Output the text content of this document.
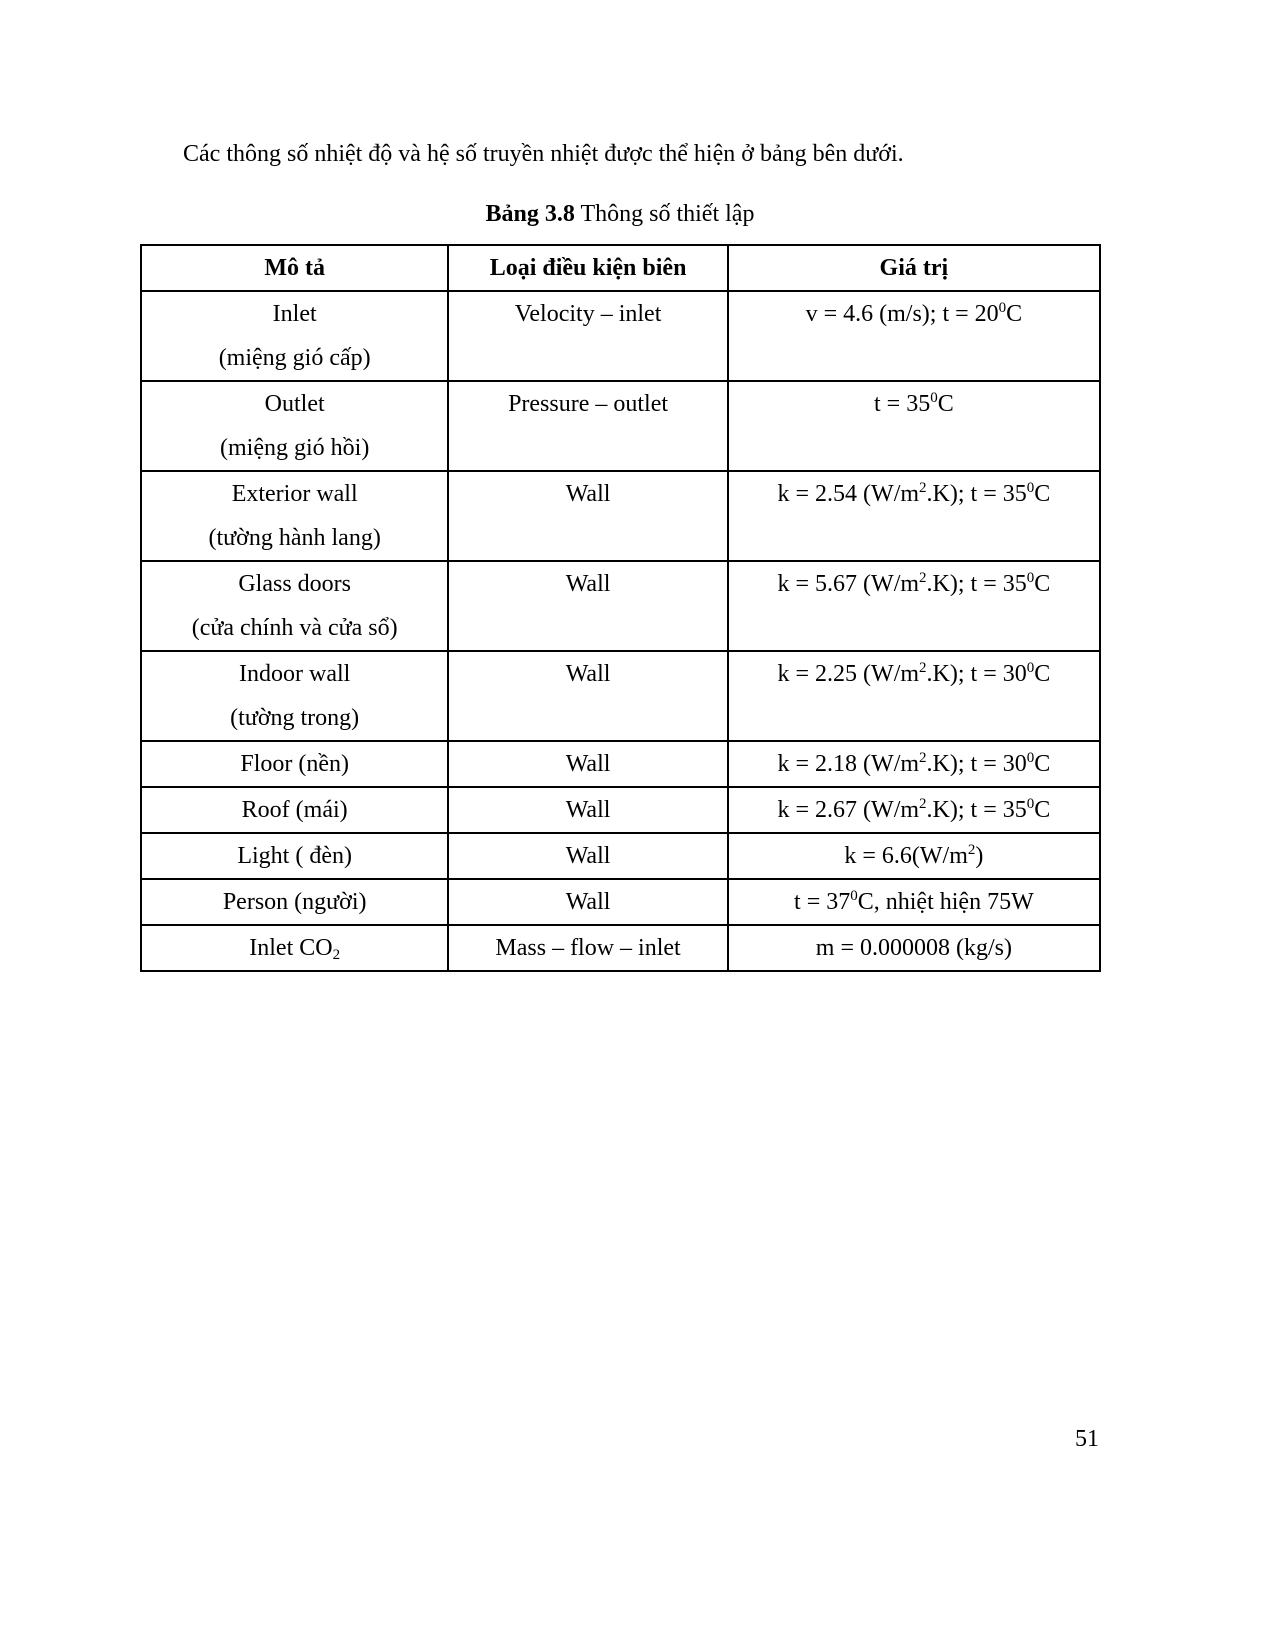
Các thông số nhiệt độ và hệ số truyền nhiệt được thể hiện ở bảng bên dưới.
Bảng 3.8 Thông số thiết lập
Mô tả	Loại điều kiện biên	Giá trị

Inlet
(miệng gió cấp)	Velocity – inlet	v = 4.6 (m/s); $t = 20^0C$

Outlet
(miệng gió hồi)	Pressure – outlet	$t = 35^0C$

Exterior wall
(tường hành lang)	Wall	k = 2.54 $(W/m^2.K)$; $t = 35^0C$

Glass doors
(cửa chính và cửa sổ)	Wall	k = 5.67 $(W/m^2.K)$; $t = 35^0C$

Indoor wall
(tường trong)	Wall	k = 2.25 $(W/m^2.K)$; $t = 30^0C$

Floor (nền)	Wall	k = 2.18 $(W/m^2.K)$; $t = 30^0C$

Roof (mái)	Wall	k = 2.67 $(W/m^2.K)$; $t = 35^0C$

Light ( đèn)	Wall	$k = 6.6(W/m^2)$

Person (người)	Wall	$t = 37^0C$, nhiệt hiện 75W
Inlet $CO_2$	Mass – flow – inlet	m = 0.000008 (kg/s)
51
